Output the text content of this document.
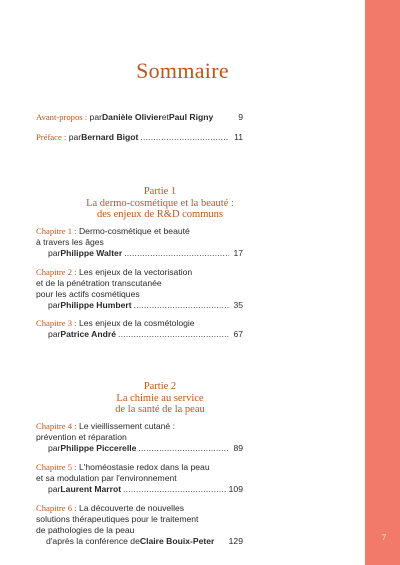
7
Sommaire
Avant-propos :
par Danièle Olivier et Paul Rigny	9
Préface :
par Bernard Bigot .....	11
Partie 1
La dermo-cosmétique et la beauté :
des enjeux de R&D communs
Chapitre 1 : Dermo-cosmétique et beauté
à travers les âges
par Philippe Walter .....	17
Chapitre 2 : Les enjeux de la vectorisation
et de la pénétration transcutanée
pour les actifs cosmétiques
par Philippe Humbert .....	35
Chapitre 3 : Les enjeux de la cosmétologie
par Patrice André .....	67
Partie 2
La chimie au service
de la santé de la peau
Chapitre 4 : Le vieillissement cutané :
prévention et réparation
par Philippe Piccerelle .....	89
Chapitre 5 : L'homéostasie redox dans la peau
et sa modulation par l'environnement
par Laurent Marrot .....	109
Chapitre 6 : La découverte de nouvelles
solutions thérapeutiques pour le traitement
de pathologies de la peau
d'après la conférence de Claire Bouix-Peter 129
